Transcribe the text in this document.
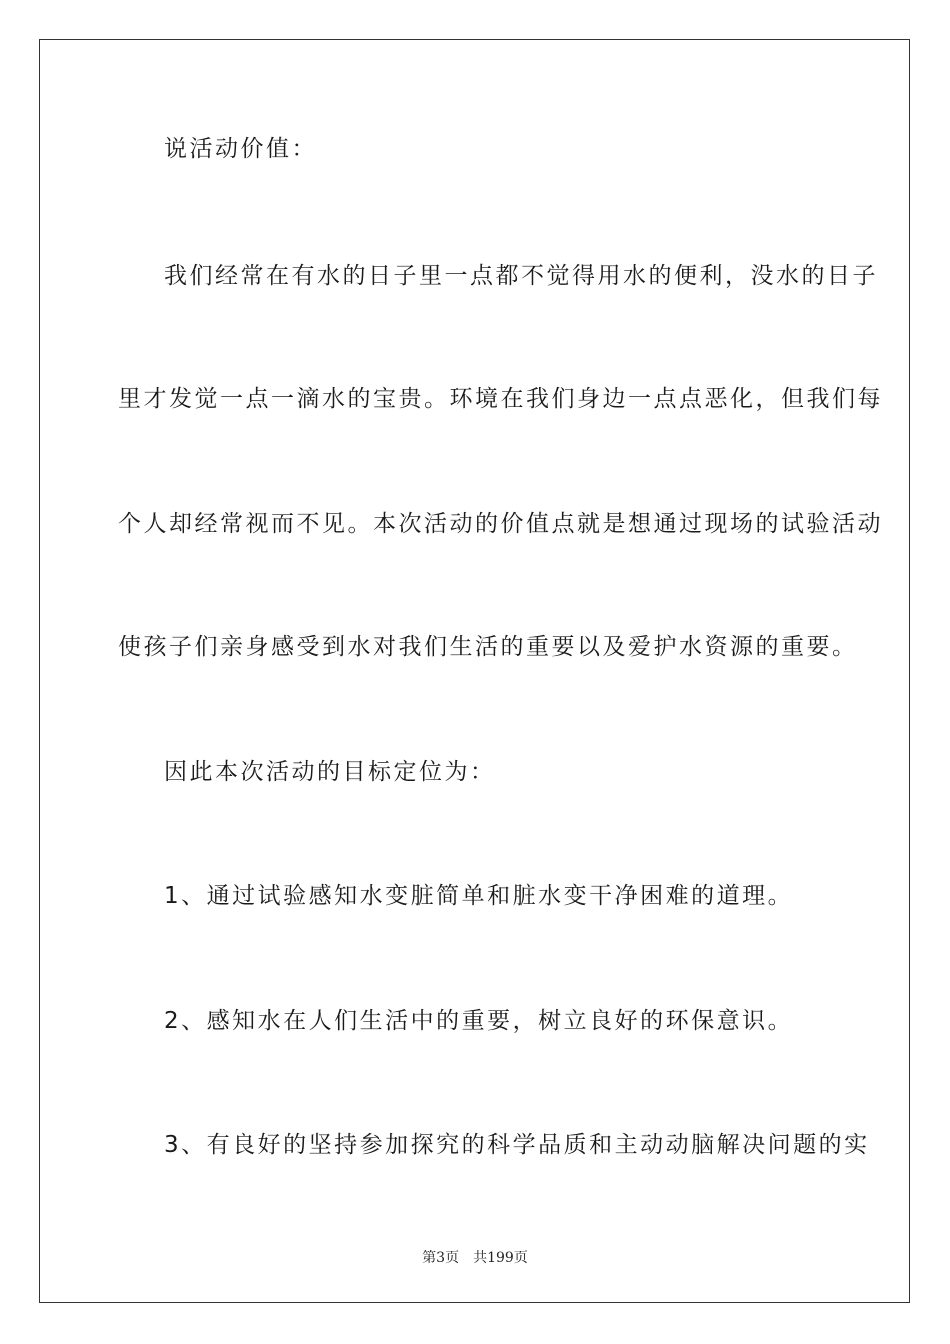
说活动价值：
我们经常在有水的日子里一点都不觉得用水的便利，没水的日子
里才发觉一点一滴水的宝贵。环境在我们身边一点点恶化，但我们每
个人却经常视而不见。本次活动的价值点就是想通过现场的试验活动
使孩子们亲身感受到水对我们生活的重要以及爱护水资源的重要。
因此本次活动的目标定位为：
1、通过试验感知水变脏简单和脏水变干净困难的道理。
2、感知水在人们生活中的重要，树立良好的环保意识。
3、有良好的坚持参加探究的科学品质和主动动脑解决问题的实
第3页 共199页
